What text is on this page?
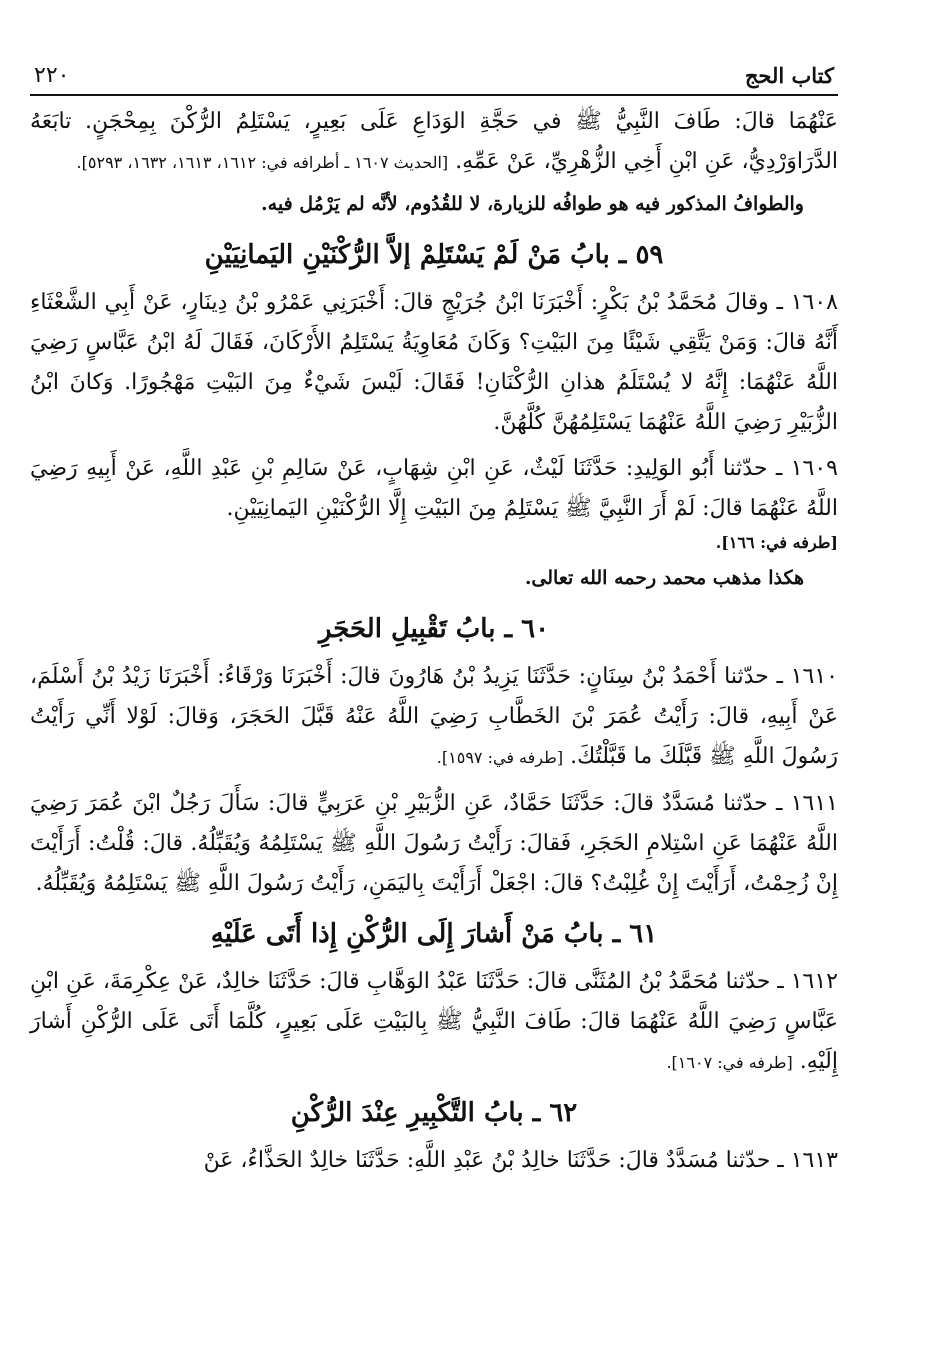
كتاب الحج
٢٢٠

عَنْهُمَا قالَ: طَافَ النَّبِيُّ ﷺ في حَجَّةِ الوَدَاعِ عَلَى بَعِيرٍ، يَسْتَلِمُ الرُّكْنَ بِمِحْجَنٍ. تابَعَهُ الدَّرَاوَرْدِيُّ، عَنِ ابْنِ أَخِي الزُّهْرِيِّ، عَنْ عَمِّهِ. [الحديث ١٦٠٧ ـ أطرافه في: ١٦١٢، ١٦١٣، ١٦٣٢، ٥٢٩٣].

والطوافُ المذكور فيه هو طوافُه للزيارة، لا للقُدُوم، لأنَّه لم يَرْمُل فيه.
٥٩ ـ بابُ مَنْ لَمْ يَسْتَلِمْ إلاَّ الرُّكْنَيْنِ اليَمانِيَيْنِ

١٦٠٨ ـ وقالَ مُحَمَّدُ بْنُ بَكْرٍ: أَخْبَرَنَا ابْنُ جُرَيْجٍ قالَ: أَخْبَرَنِي عَمْرُو بْنُ دِينَارٍ، عَنْ أَبِي الشَّعْثَاءِ أَنَّهُ قالَ: وَمَنْ يَتَّقِي شَيْئًا مِنَ البَيْتِ؟ وَكَانَ مُعَاوِيَةُ يَسْتَلِمُ الأَرْكَانَ، فَقَالَ لَهُ ابْنُ عَبَّاسٍ رَضِيَ اللَّهُ عَنْهُمَا: إِنَّهُ لا يُسْتَلَمُ هذانِ الرُّكْنَانِ! فَقَالَ: لَيْسَ شَيْءٌ مِنَ البَيْتِ مَهْجُورًا. وَكانَ ابْنُ الزُّبَيْرِ رَضِيَ اللَّهُ عَنْهُمَا يَسْتَلِمُهُنَّ كُلَّهُنَّ.

١٦٠٩ ـ حدّثنا أَبُو الوَلِيدِ: حَدَّثَنَا لَيْثٌ، عَنِ ابْنِ شِهَابٍ، عَنْ سَالِمِ بْنِ عَبْدِ اللَّهِ، عَنْ أَبِيهِ رَضِيَ اللَّهُ عَنْهُمَا قالَ: لَمْ أَرَ النَّبِيَّ ﷺ يَسْتَلِمُ مِنَ البَيْتِ إِلَّا الرُّكْنَيْنِ اليَمانِيَيْنِ.

[طرفه في: ١٦٦].
هكذا مذهب محمد رحمه الله تعالى.
٦٠ ـ بابُ تَقْبِيلِ الحَجَرِ

١٦١٠ ـ حدّثنا أَحْمَدُ بْنُ سِنَانٍ: حَدَّثَنَا يَزِيدُ بْنُ هَارُونَ قالَ: أَخْبَرَنَا وَرْقَاءُ: أَخْبَرَنَا زَيْدُ بْنُ أَسْلَمَ، عَنْ أَبِيهِ، قالَ: رَأَيْتُ عُمَرَ بْنَ الخَطَّابِ رَضِيَ اللَّهُ عَنْهُ قَبَّلَ الحَجَرَ، وَقالَ: لَوْلا أَنِّي رَأَيْتُ رَسُولَ اللَّهِ ﷺ قَبَّلَكَ ما قَبَّلْتُكَ. [طرفه في: ١٥٩٧].

١٦١١ ـ حدّثنا مُسَدَّدٌ قالَ: حَدَّثَنَا حَمَّادٌ، عَنِ الزُّبَيْرِ بْنِ عَرَبِيٍّ قالَ: سَأَلَ رَجُلٌ ابْنَ عُمَرَ رَضِيَ اللَّهُ عَنْهُمَا عَنِ اسْتِلامِ الحَجَرِ، فَقالَ: رَأَيْتُ رَسُولَ اللَّهِ ﷺ يَسْتَلِمُهُ وَيُقَبِّلُهُ. قالَ: قُلْتُ: أَرَأَيْتَ إِنْ زُحِمْتُ، أَرَأَيْتَ إِنْ غُلِبْتُ؟ قالَ: اجْعَلْ أَرَأَيْتَ بِاليَمَنِ، رَأَيْتُ رَسُولَ اللَّهِ ﷺ يَسْتَلِمُهُ وَيُقَبِّلُهُ.

٦١ ـ بابُ مَنْ أَشارَ إِلَى الرُّكْنِ إِذا أَتَى عَلَيْهِ

١٦١٢ ـ حدّثنا مُحَمَّدُ بْنُ المُثَنَّى قالَ: حَدَّثَنَا عَبْدُ الوَهَّابِ قالَ: حَدَّثَنَا خالِدٌ، عَنْ عِكْرِمَةَ، عَنِ ابْنِ عَبَّاسٍ رَضِيَ اللَّهُ عَنْهُمَا قالَ: طَافَ النَّبِيُّ ﷺ بِالبَيْتِ عَلَى بَعِيرٍ، كُلَّمَا أَتَى عَلَى الرُّكْنِ أَشارَ إِلَيْهِ. [طرفه في: ١٦٠٧].

٦٢ ـ بابُ التَّكْبِيرِ عِنْدَ الرُّكْنِ

١٦١٣ ـ حدّثنا مُسَدَّدٌ قالَ: حَدَّثَنَا خالِدُ بْنُ عَبْدِ اللَّهِ: حَدَّثَنَا خالِدٌ الحَذَّاءُ، عَنْ
